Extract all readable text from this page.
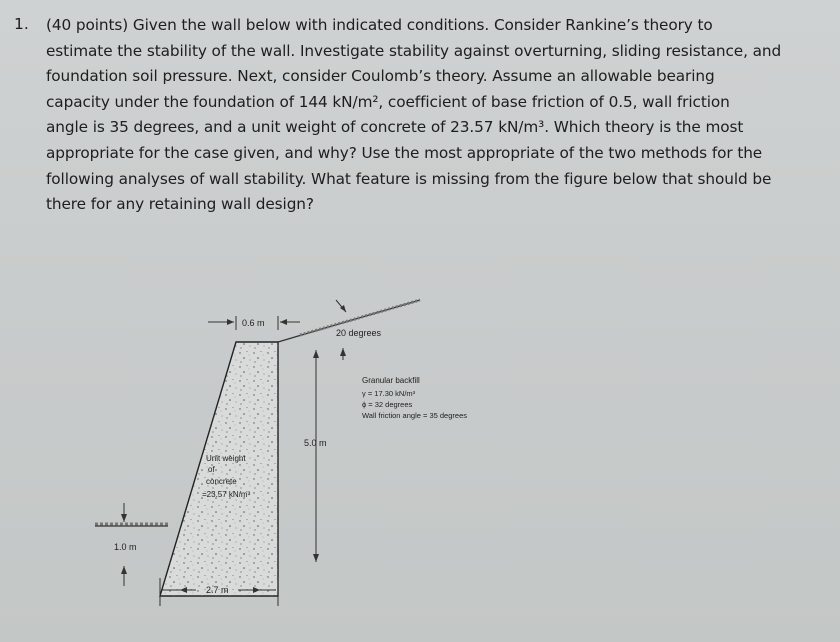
1. (40 points) Given the wall below with indicated conditions. Consider Rankine’s theory to
estimate the stability of the wall. Investigate stability against overturning, sliding resistance, and
foundation soil pressure. Next, consider Coulomb’s theory. Assume an allowable bearing
capacity under the foundation of 144 kN/m², coefficient of base friction of 0.5, wall friction
angle is 35 degrees, and a unit weight of concrete of 23.57 kN/m³. Which theory is the most
appropriate for the case given, and why? Use the most appropriate of the two methods for the
following analyses of wall stability. What feature is missing from the figure below that should be
there for any retaining wall design?
0.6 m
20 degrees
5.0 m
1.0 m
2.7 m
Granular backfill
γ = 17.30 kN/m³
ϕ = 32 degrees
Wall friction angle = 35 degrees
Unit weight
of
concrete
=23.57 kN/m³
